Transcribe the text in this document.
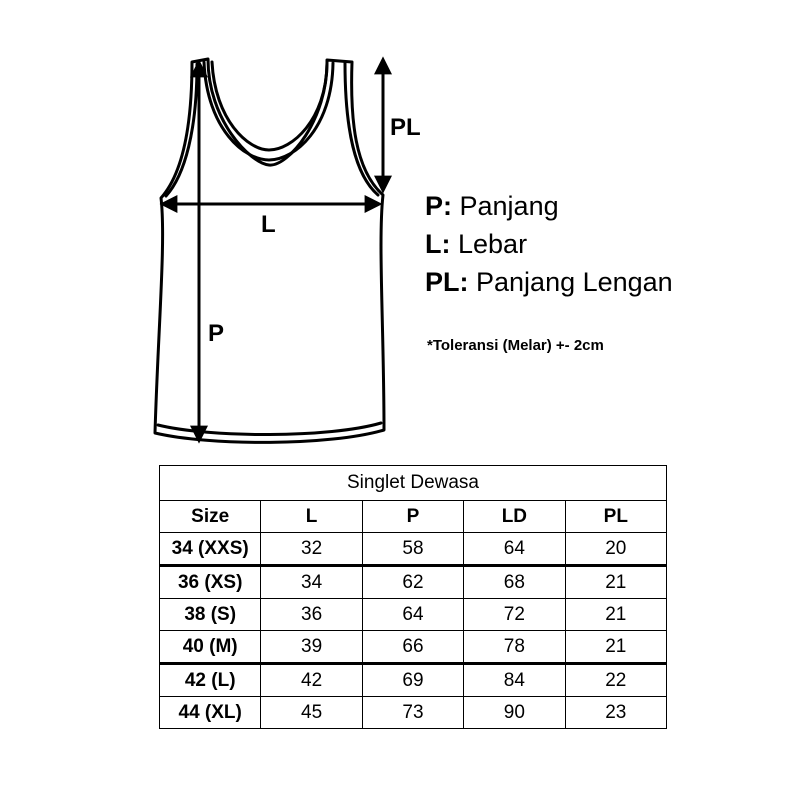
PL
L
P
P: Panjang
L: Lebar
PL: Panjang Lengan
*Toleransi (Melar) +- 2cm
Singlet Dewasa				
Size	L	P	LD	PL
34 (XXS)	32	58	64	20
36 (XS)	34	62	68	21
38 (S)	36	64	72	21
40 (M)	39	66	78	21
42 (L)	42	69	84	22
44 (XL)	45	73	90	23
